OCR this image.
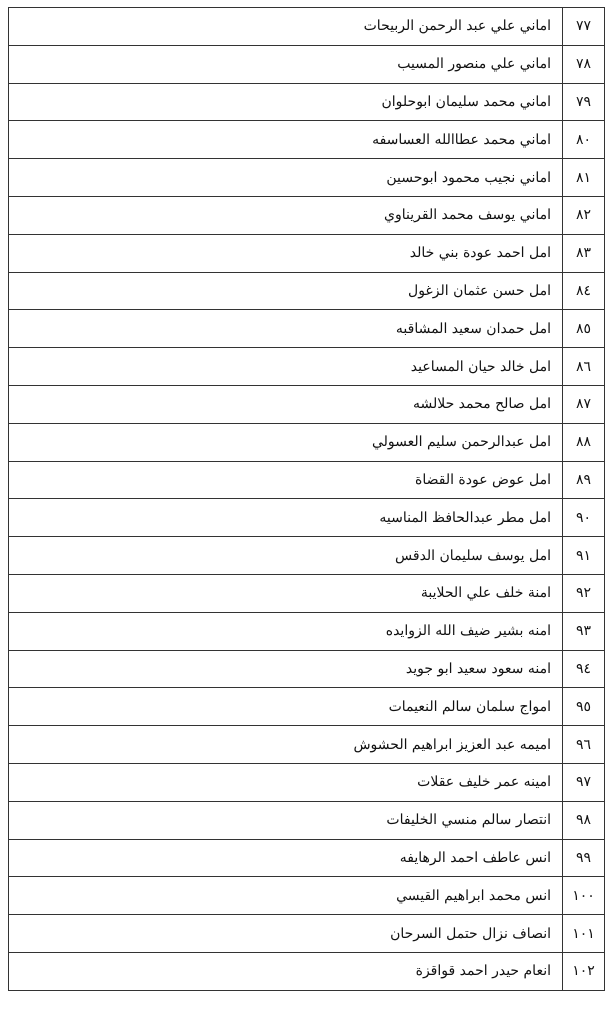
٧٧	اماني علي عبد الرحمن الربيحات
٧٨	اماني علي منصور المسيب
٧٩	اماني محمد سليمان ابوحلوان
٨٠	اماني محمد عطاالله العساسفه
٨١	اماني نجيب محمود ابوحسين
٨٢	اماني يوسف محمد القريناوي
٨٣	امل احمد عودة بني خالد
٨٤	امل حسن عثمان الزغول
٨٥	امل حمدان سعيد المشاقبه
٨٦	امل خالد حيان المساعيد
٨٧	امل صالح محمد حلالشه
٨٨	امل عبدالرحمن سليم العسولي
٨٩	امل عوض عودة القضاة
٩٠	امل مطر عبدالحافظ المناسيه
٩١	امل يوسف سليمان الدقس
٩٢	امنة خلف علي الحلايبة
٩٣	امنه بشير ضيف الله الزوايده
٩٤	امنه سعود سعيد ابو جويد
٩٥	امواج سلمان سالم النعيمات
٩٦	اميمه عبد العزيز ابراهيم الحشوش
٩٧	امينه عمر خليف عقلات
٩٨	انتصار سالم منسي الخليفات
٩٩	انس عاطف احمد الرهايفه
١٠٠	انس محمد ابراهيم القيسي
١٠١	انصاف نزال حتمل السرحان
١٠٢	انعام حيدر احمد قواقزة
